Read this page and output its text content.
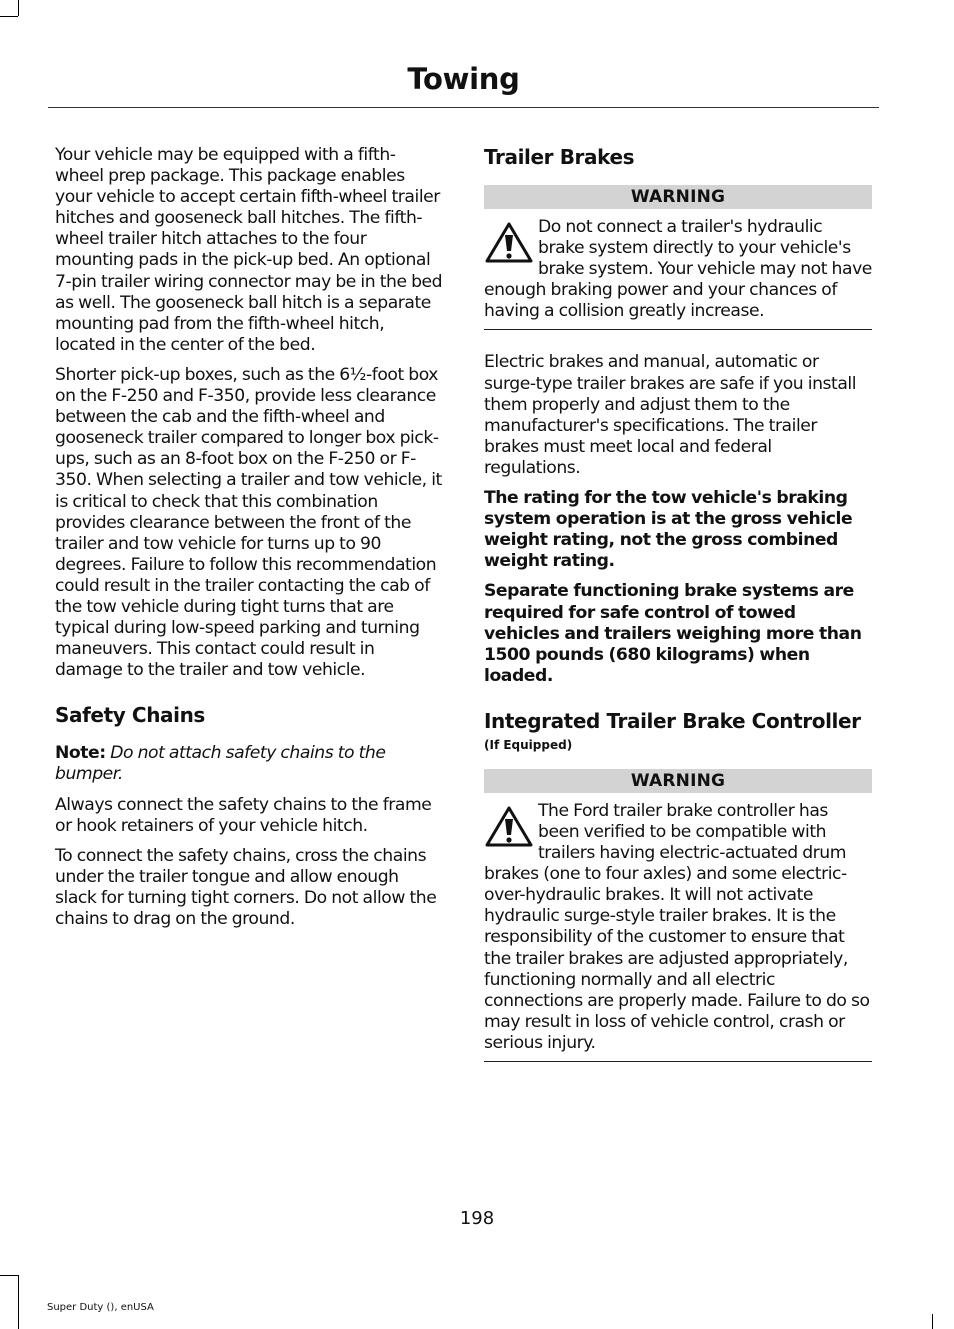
Towing

Your vehicle may be equipped with a fifth-wheel prep package. This package enables your vehicle to accept certain fifth-wheel trailer hitches and gooseneck ball hitches. The fifth-wheel trailer hitch attaches to the four mounting pads in the pick-up bed. An optional 7-pin trailer wiring connector may be in the bed as well. The gooseneck ball hitch is a separate mounting pad from the fifth-wheel hitch, located in the center of the bed.

Shorter pick-up boxes, such as the 6½-foot box on the F-250 and F-350, provide less clearance between the cab and the fifth-wheel and gooseneck trailer compared to longer box pick-ups, such as an 8-foot box on the F-250 or F-350. When selecting a trailer and tow vehicle, it is critical to check that this combination provides clearance between the front of the trailer and tow vehicle for turns up to 90 degrees. Failure to follow this recommendation could result in the trailer contacting the cab of the tow vehicle during tight turns that are typical during low-speed parking and turning maneuvers. This contact could result in damage to the trailer and tow vehicle.

Safety Chains

Note: Do not attach safety chains to the bumper.

Always connect the safety chains to the frame or hook retainers of your vehicle hitch.

To connect the safety chains, cross the chains under the trailer tongue and allow enough slack for turning tight corners. Do not allow the chains to drag on the ground.

Trailer Brakes
WARNING

Do not connect a trailer's hydraulic brake system directly to your vehicle's brake system. Your vehicle may not have enough braking power and your chances of having a collision greatly increase.

Electric brakes and manual, automatic or surge-type trailer brakes are safe if you install them properly and adjust them to the manufacturer's specifications. The trailer brakes must meet local and federal regulations.

The rating for the tow vehicle's braking system operation is at the gross vehicle weight rating, not the gross combined weight rating.

Separate functioning brake systems are required for safe control of towed vehicles and trailers weighing more than 1500 pounds (680 kilograms) when loaded.

Integrated Trailer Brake Controller
(If Equipped)
WARNING

The Ford trailer brake controller has been verified to be compatible with trailers having electric-actuated drum brakes (one to four axles) and some electric-over-hydraulic brakes. It will not activate hydraulic surge-style trailer brakes. It is the responsibility of the customer to ensure that the trailer brakes are adjusted appropriately, functioning normally and all electric connections are properly made. Failure to do so may result in loss of vehicle control, crash or serious injury.

198
Super Duty (), enUSA
